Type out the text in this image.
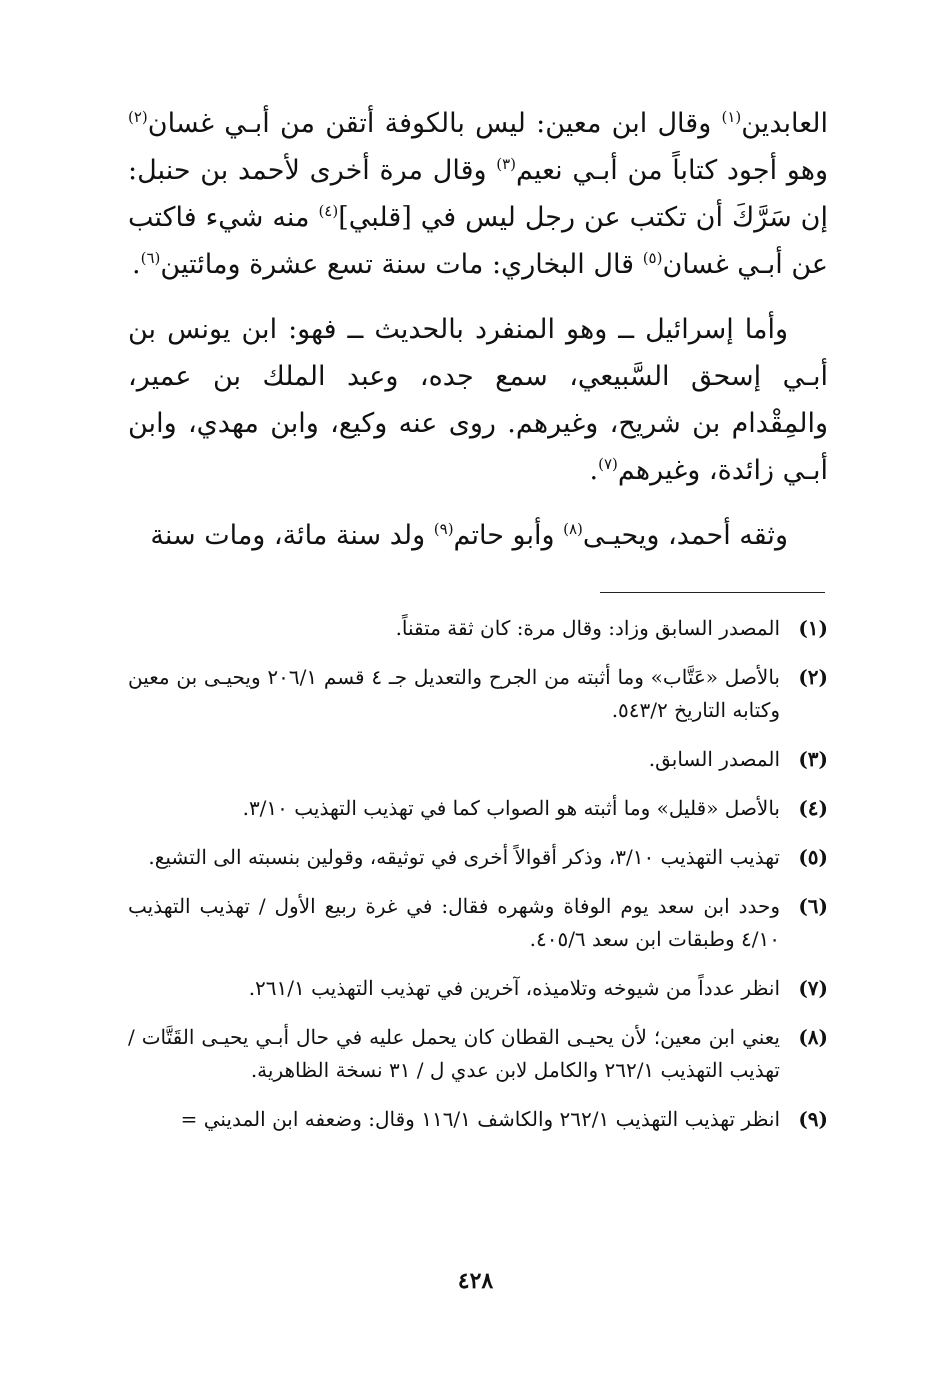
العابدين$^{(١)}$ وقال ابن معين: ليس بالكوفة أتقن من أبـي غسان$^{(٢)}$ وهو أجود كتاباً من أبـي نعيم$^{(٣)}$ وقال مرة أخرى لأحمد بن حنبل: إن سَرَّكَ أن تكتب عن رجل ليس في [قلبي]$^{(٤)}$ منه شيء فاكتب عن أبـي غسان$^{(٥)}$ قال البخاري: مات سنة تسع عشرة ومائتين$^{(٦)}$.

وأما إسرائيل ــ وهو المنفرد بالحديث ــ فهو: ابن يونس بن أبـي إسحق السَّبيعي، سمع جده، وعبد الملك بن عمير، والمِقْدام بن شريح، وغيرهم. روى عنه وكيع، وابن مهدي، وابن أبـي زائدة، وغيرهم$^{(٧)}$.

وثقه أحمد، ويحيـى$^{(٨)}$ وأبو حاتم$^{(٩)}$ ولد سنة مائة، ومات سنة

(١)
المصدر السابق وزاد: وقال مرة: كان ثقة متقناً.
(٢)
بالأصل «عَتَّاب» وما أثبته من الجرح والتعديل جـ ٤ قسم ٢٠٦/١ ويحيـى بن معين وكتابه التاريخ ٥٤٣/٢.
(٣)
المصدر السابق.
(٤)
بالأصل «قليل» وما أثبته هو الصواب كما في تهذيب التهذيب ٣/١٠.
(٥)
تهذيب التهذيب ٣/١٠، وذكر أقوالاً أخرى في توثيقه، وقولين بنسبته الى التشيع.
(٦)
وحدد ابن سعد يوم الوفاة وشهره فقال: في غرة ربيع الأول / تهذيب التهذيب ٤/١٠ وطبقات ابن سعد ٤٠٥/٦.
(٧)
انظر عدداً من شيوخه وتلاميذه، آخرين في تهذيب التهذيب ٢٦١/١.
(٨)
يعني ابن معين؛ لأن يحيـى القطان كان يحمل عليه في حال أبـي يحيـى القَتَّات / تهذيب التهذيب ٢٦٢/١ والكامل لابن عدي ل / ٣١ نسخة الظاهرية.
(٩)
انظر تهذيب التهذيب ٢٦٢/١ والكاشف ١١٦/١ وقال: وضعفه ابن المديني =
٤٢٨
